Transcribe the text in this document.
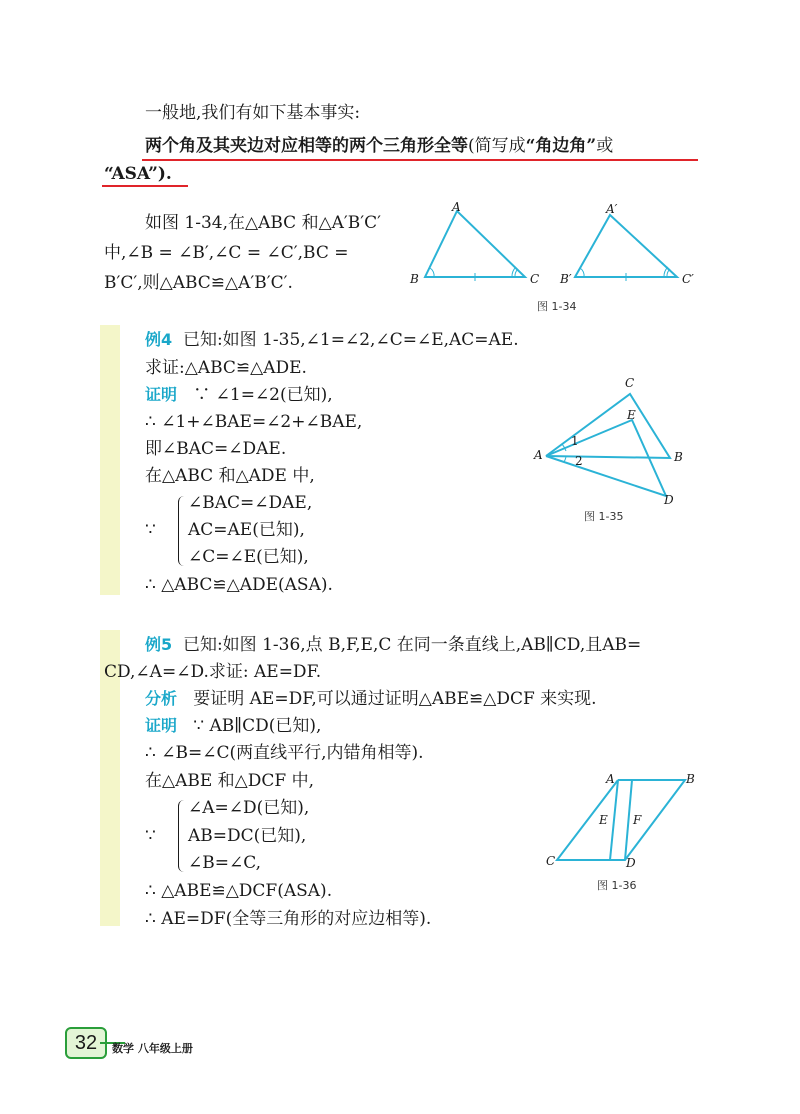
一般地,我们有如下基本事实:
两个角及其夹边对应相等的两个三角形全等(简写成“角边角”或
“ASA”).
如图 1-34,在△ABC 和△A′B′C′
中,∠B = ∠B′,∠C = ∠C′,BC =
B′C′,则△ABC≌△A′B′C′.
A
B	C
A′
B′	C′
图 1-34
例4 已知:如图 1-35,∠1=∠2,∠C=∠E,AC=AE.
求证:△ABC≌△ADE.
证明 ∵ ∠1=∠2(已知),
∴ ∠1+∠BAE=∠2+∠BAE,
即∠BAC=∠DAE.
在△ABC 和△ADE 中,
∵
∠BAC=∠DAE,
AC=AE(已知),
∠C=∠E(已知),
∴ △ABC≌△ADE(ASA).
A	B
C
D
E
1
2
图 1-35
例5 已知:如图 1-36,点 B,F,E,C 在同一条直线上,AB∥CD,且AB=
CD,∠A=∠D.求证: AE=DF.
分析 要证明 AE=DF,可以通过证明△ABE≌△DCF 来实现.
证明 ∵ AB∥CD(已知),
∴ ∠B=∠C(两直线平行,内错角相等).
在△ABE 和△DCF 中,
∵
∠A=∠D(已知),
AB=DC(已知),
∠B=∠C,
∴ △ABE≌△DCF(ASA).
∴ AE=DF(全等三角形的对应边相等).
A	B
C	D
E F
图 1-36
32	数学 八年级上册
